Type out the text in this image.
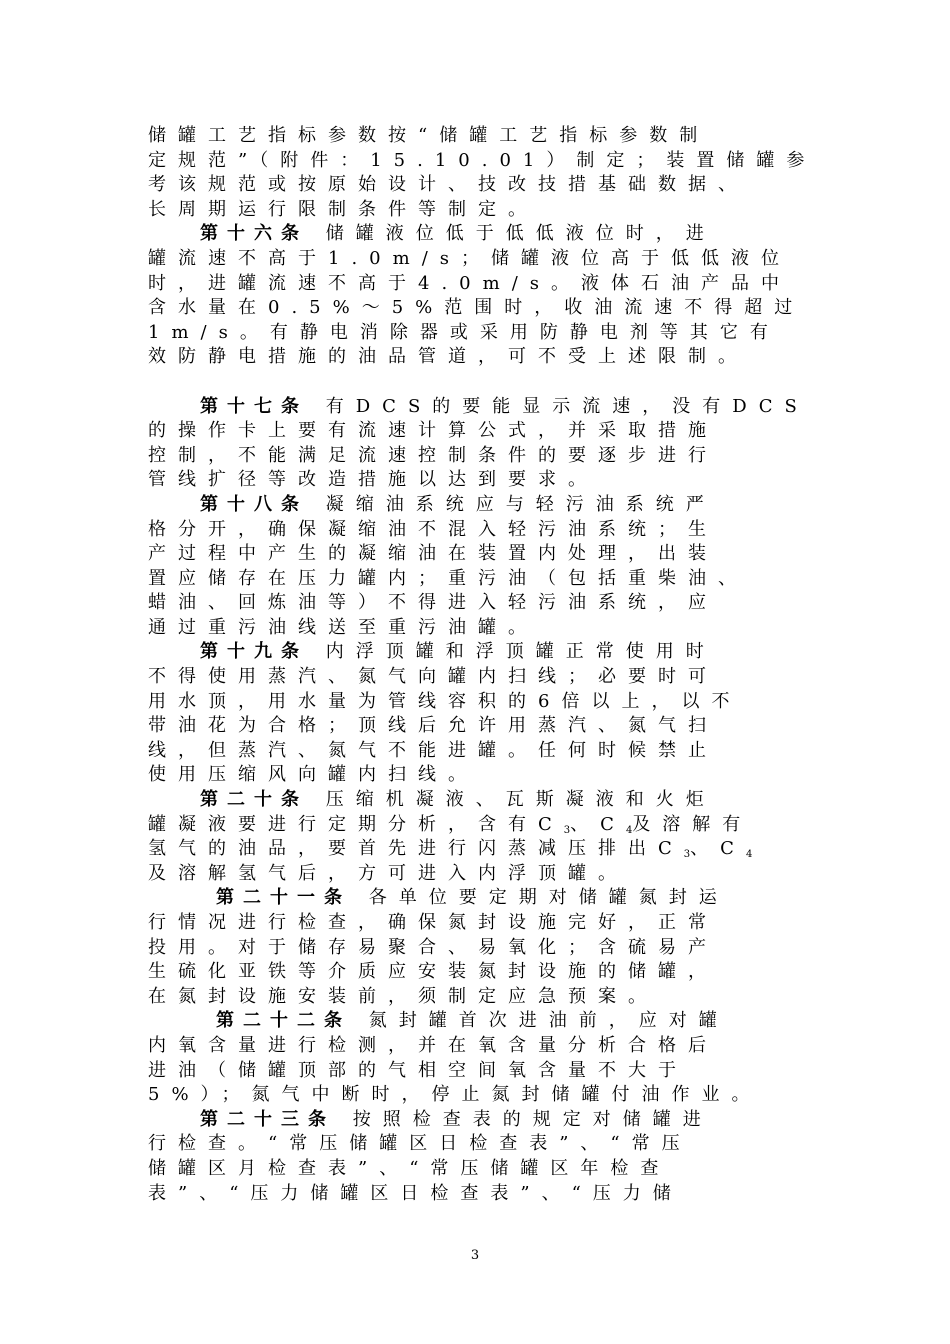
储罐工艺指标参数按“储罐工艺指标参数制
定规范”（附件：15.10.01）制定；装置储罐参
考该规范或按原始设计、技改技措基础数据、
长周期运行限制条件等制定。
第十六条 储罐液位低于低低液位时，进
罐流速不高于1.0m/s；储罐液位高于低低液位
时，进罐流速不高于4.0m/s。液体石油产品中
含水量在0.5%～5%范围时，收油流速不得超过
1m/s。有静电消除器或采用防静电剂等其它有
效防静电措施的油品管道，可不受上述限制。
第十七条 有DCS的要能显示流速，没有DCS
的操作卡上要有流速计算公式，并采取措施
控制，不能满足流速控制条件的要逐步进行
管线扩径等改造措施以达到要求。
第十八条 凝缩油系统应与轻污油系统严
格分开，确保凝缩油不混入轻污油系统；生
产过程中产生的凝缩油在装置内处理，出装
置应储存在压力罐内；重污油（包括重柴油、
蜡油、回炼油等）不得进入轻污油系统，应
通过重污油线送至重污油罐。
第十九条 内浮顶罐和浮顶罐正常使用时
不得使用蒸汽、氮气向罐内扫线；必要时可
用水顶，用水量为管线容积的6倍以上，以不
带油花为合格；顶线后允许用蒸汽、氮气扫
线，但蒸汽、氮气不能进罐。任何时候禁止
使用压缩风向罐内扫线。
第二十条 压缩机凝液、瓦斯凝液和火炬
罐凝液要进行定期分析，含有$C_3$、$C_4$及溶解有
氢气的油品，要首先进行闪蒸减压排出$C_3$、$C_4$
及溶解氢气后，方可进入内浮顶罐。
第二十一条 各单位要定期对储罐氮封运
行情况进行检查，确保氮封设施完好，正常
投用。对于储存易聚合、易氧化；含硫易产
生硫化亚铁等介质应安装氮封设施的储罐，
在氮封设施安装前，须制定应急预案。
第二十二条 氮封罐首次进油前，应对罐
内氧含量进行检测，并在氧含量分析合格后
进油（储罐顶部的气相空间氧含量不大于
5%）；氮气中断时，停止氮封储罐付油作业。
第二十三条 按照检查表的规定对储罐进
行检查。“常压储罐区日检查表”、“常压
储罐区月检查表”、“常压储罐区年检查
表”、“压力储罐区日检查表”、“压力储
3
